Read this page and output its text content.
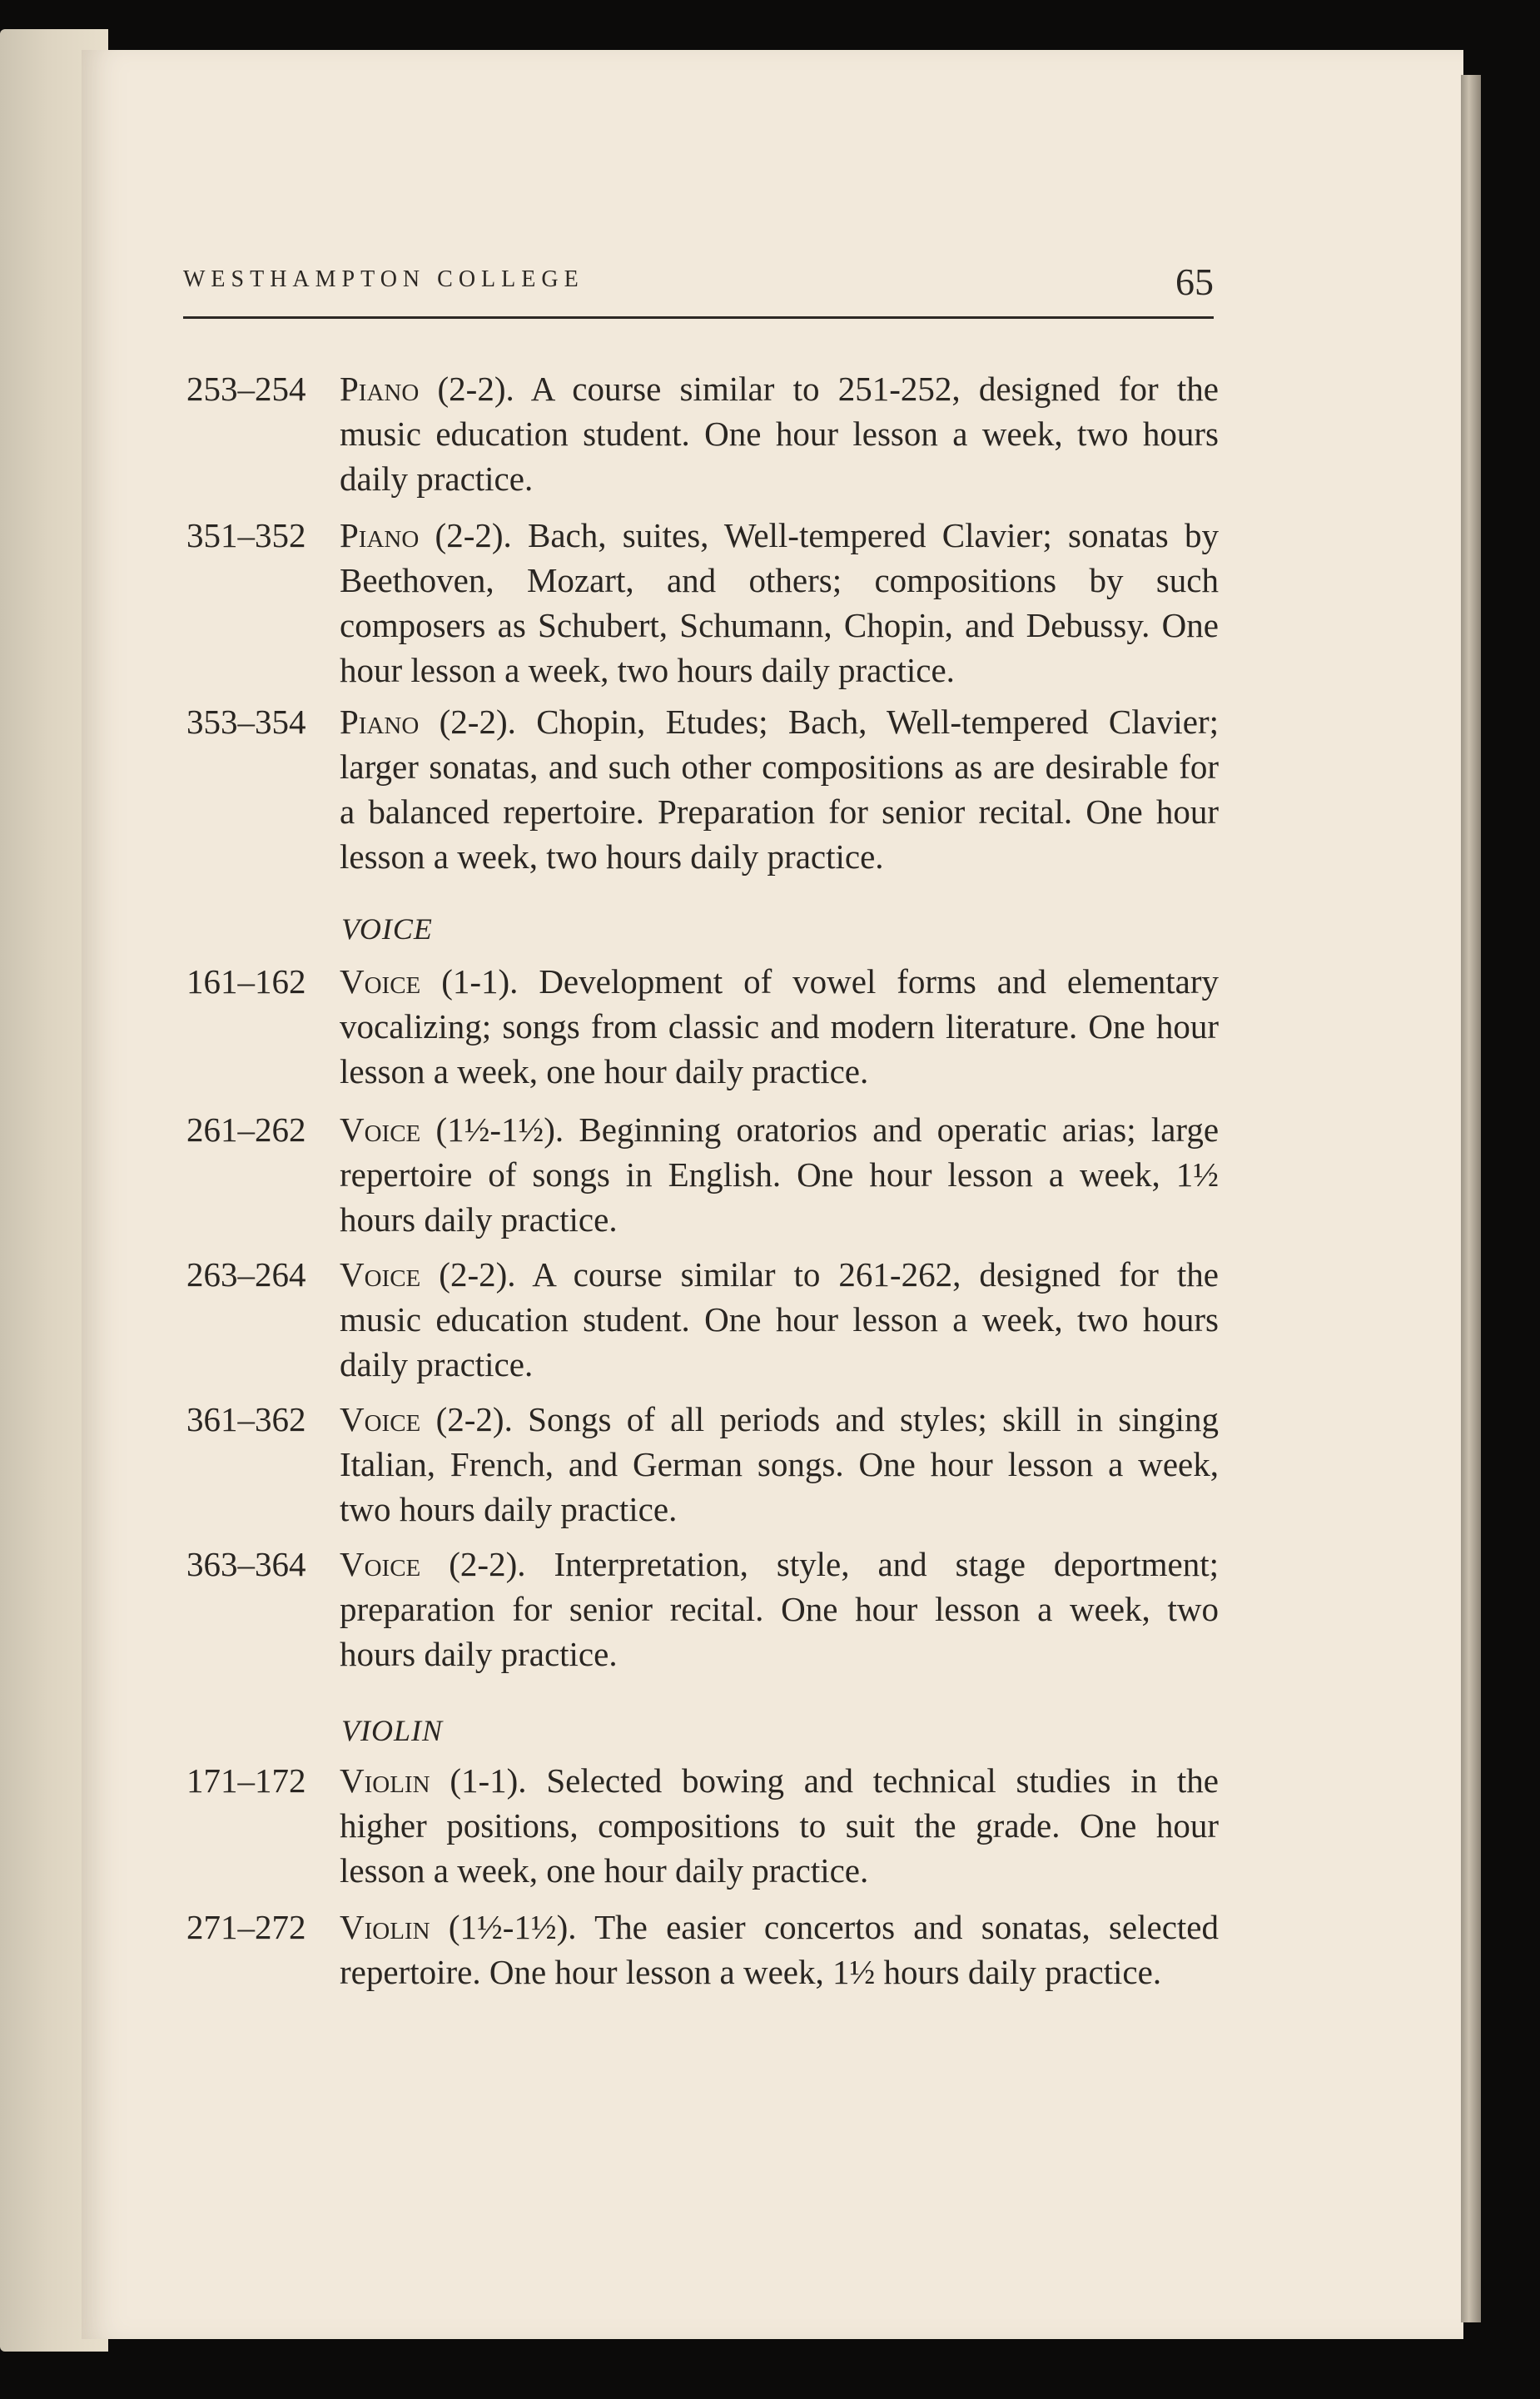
WESTHAMPTON COLLEGE	65
253–254 Piano (2-2). A course similar to 251-252, designed for the music education student. One hour lesson a week, two hours daily practice.
351–352 Piano (2-2). Bach, suites, Well-tempered Clavier; sonatas by Beethoven, Mozart, and others; compositions by such composers as Schubert, Schumann, Chopin, and Debussy. One hour lesson a week, two hours daily practice.
353–354 Piano (2-2). Chopin, Etudes; Bach, Well-tempered Clavier; larger sonatas, and such other compositions as are desirable for a balanced repertoire. Preparation for senior recital. One hour lesson a week, two hours daily practice.
VOICE
161–162 Voice (1-1). Development of vowel forms and elementary vocalizing; songs from classic and modern literature. One hour lesson a week, one hour daily practice.
261–262 Voice (1½-1½). Beginning oratorios and operatic arias; large repertoire of songs in English. One hour lesson a week, 1½ hours daily practice.
263–264 Voice (2-2). A course similar to 261-262, designed for the music education student. One hour lesson a week, two hours daily practice.
361–362 Voice (2-2). Songs of all periods and styles; skill in singing Italian, French, and German songs. One hour lesson a week, two hours daily practice.
363–364 Voice (2-2). Interpretation, style, and stage deportment; preparation for senior recital. One hour lesson a week, two hours daily practice.
VIOLIN
171–172 Violin (1-1). Selected bowing and technical studies in the higher positions, compositions to suit the grade. One hour lesson a week, one hour daily practice.
271–272 Violin (1½-1½). The easier concertos and sonatas, selected repertoire. One hour lesson a week, 1½ hours daily practice.
